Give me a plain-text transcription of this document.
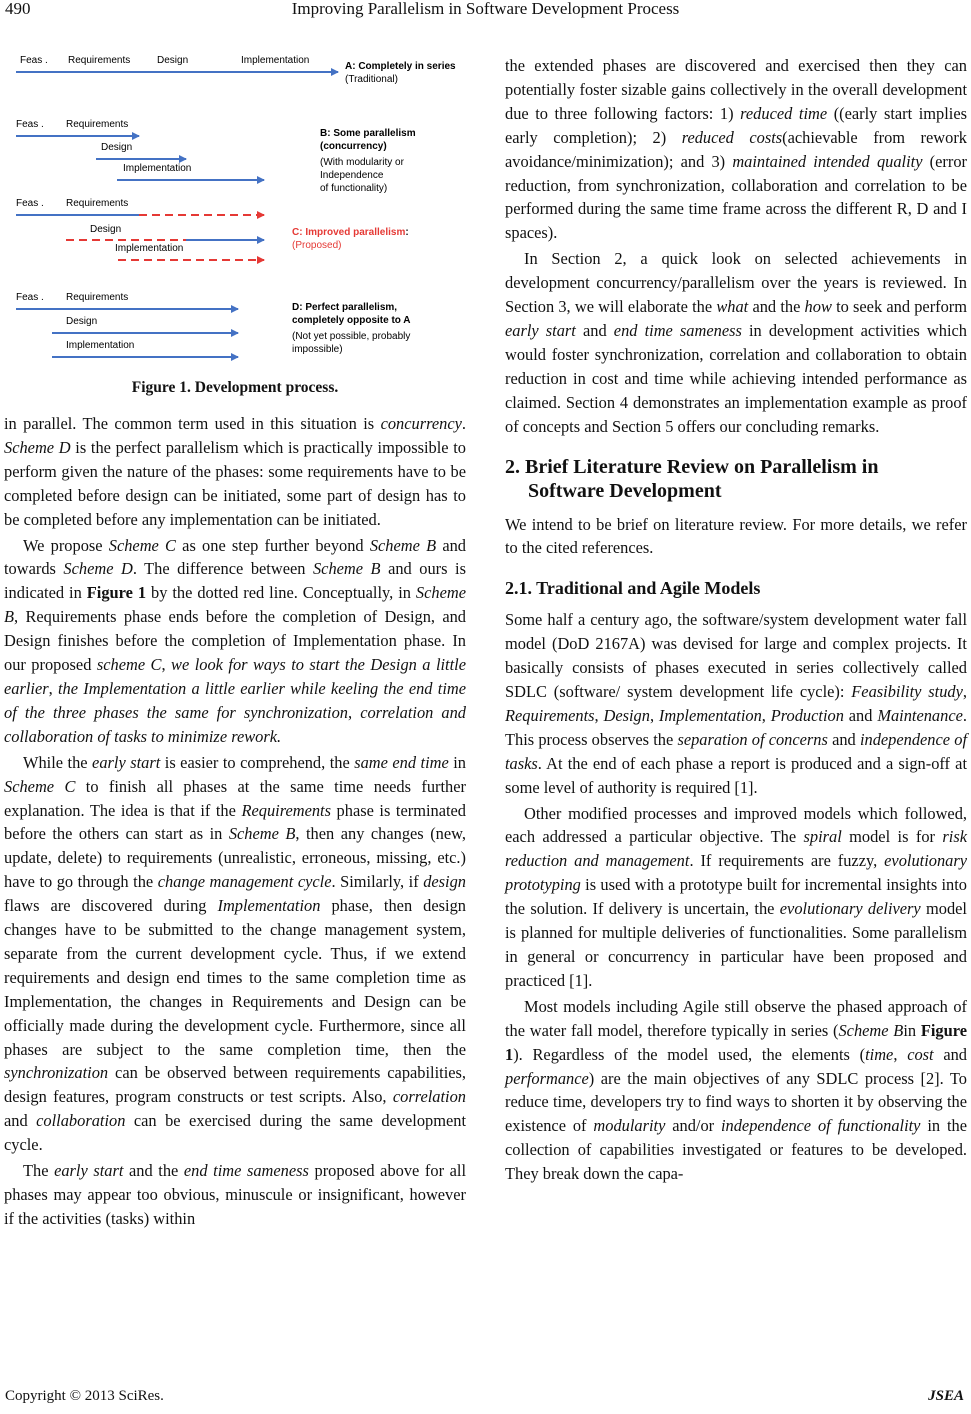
490	Improving Parallelism in Software Development Process
Feas . Requirements	Design	Implementation
A: Completely in series
(Traditional)
Feas . Requirements
Design
Implementation
B: Some parallelism
(concurrency)
(With modularity or
Independence
of functionality)
Feas . Requirements
Design
Implementation
C: Improved parallelism:
(Proposed)
Feas . Requirements
Design
Implementation
D: Perfect parallelism,
completely opposite to A
(Not yet possible, probably
impossible)
Figure 1. Development process.

in parallel. The common term used in this situation is concurrency. Scheme D is the perfect parallelism which is practically impossible to perform given the nature of the phases: some requirements have to be completed before design can be initiated, some part of design has to be completed before any implementation can be initiated.

We propose Scheme C as one step further beyond Scheme B and towards Scheme D. The difference between Scheme B and ours is indicated in Figure 1 by the dotted red line. Conceptually, in Scheme B, Requirements phase ends before the completion of Design, and Design finishes before the completion of Implementation phase. In our proposed scheme C, we look for ways to start the Design a little earlier, the Implementation a little earlier while keeling the end time of the three phases the same for synchronization, correlation and collaboration of tasks to minimize rework.

While the early start is easier to comprehend, the same end time in Scheme C to finish all phases at the same time needs further explanation. The idea is that if the Requirements phase is terminated before the others can start as in Scheme B, then any changes (new, update, delete) to requirements (unrealistic, erroneous, missing, etc.) have to go through the change management cycle. Similarly, if design flaws are discovered during Implementation phase, then design changes have to be submitted to the change management system, separate from the current development cycle. Thus, if we extend requirements and design end times to the same completion time as Implementation, the changes in Requirements and Design can be officially made during the development cycle. Furthermore, since all phases are subject to the same completion time, then the synchronization can be observed between requirements capabilities, design features, program constructs or test scripts. Also, correlation and collaboration can be exercised during the same development cycle.

The early start and the end time sameness proposed above for all phases may appear too obvious, minuscule or insignificant, however if the activities (tasks) within

the extended phases are discovered and exercised then they can potentially foster sizable gains collectively in the overall development due to three following factors: 1) reduced time ((early start implies early completion); 2) reduced costs(achievable from rework avoidance/minimization); and 3) maintained intended quality (error reduction, from synchronization, collaboration and correlation to be performed during the same time frame across the different R, D and I spaces).

In Section 2, a quick look on selected achievements in development concurrency/parallelism over the years is reviewed. In Section 3, we will elaborate the what and the how to seek and perform early start and end time sameness in development activities which would foster synchronization, correlation and collaboration to obtain reduction in cost and time while achieving intended performance as claimed. Section 4 demonstrates an implementation example as proof of concepts and Section 5 offers our concluding remarks.

2. Brief Literature Review on Parallelism in
Software Development

We intend to be brief on literature review. For more details, we refer to the cited references.

2.1. Traditional and Agile Models

Some half a century ago, the software/system development water fall model (DoD 2167A) was devised for large and complex projects. It basically consists of phases executed in series collectively called SDLC (software/ system development life cycle): Feasibility study, Requirements, Design, Implementation, Production and Maintenance. This process observes the separation of concerns and independence of tasks. At the end of each phase a report is produced and a sign-off at some level of authority is required [1].

Other modified processes and improved models which followed, each addressed a particular objective. The spiral model is for risk reduction and management. If requirements are fuzzy, evolutionary prototyping is used with a prototype built for incremental insights into the solution. If delivery is uncertain, the evolutionary delivery model is planned for multiple deliveries of functionalities. Some parallelism in general or concurrency in particular have been proposed and practiced [1].

Most models including Agile still observe the phased approach of the water fall model, therefore typically in series (Scheme Bin Figure 1). Regardless of the model used, the elements (time, cost and performance) are the main objectives of any SDLC process [2]. To reduce time, developers try to find ways to shorten it by observing the existence of modularity and/or independence of functionality in the collection of capabilities investigated or features to be developed. They break down the capa-

Copyright © 2013 SciRes.	JSEA
